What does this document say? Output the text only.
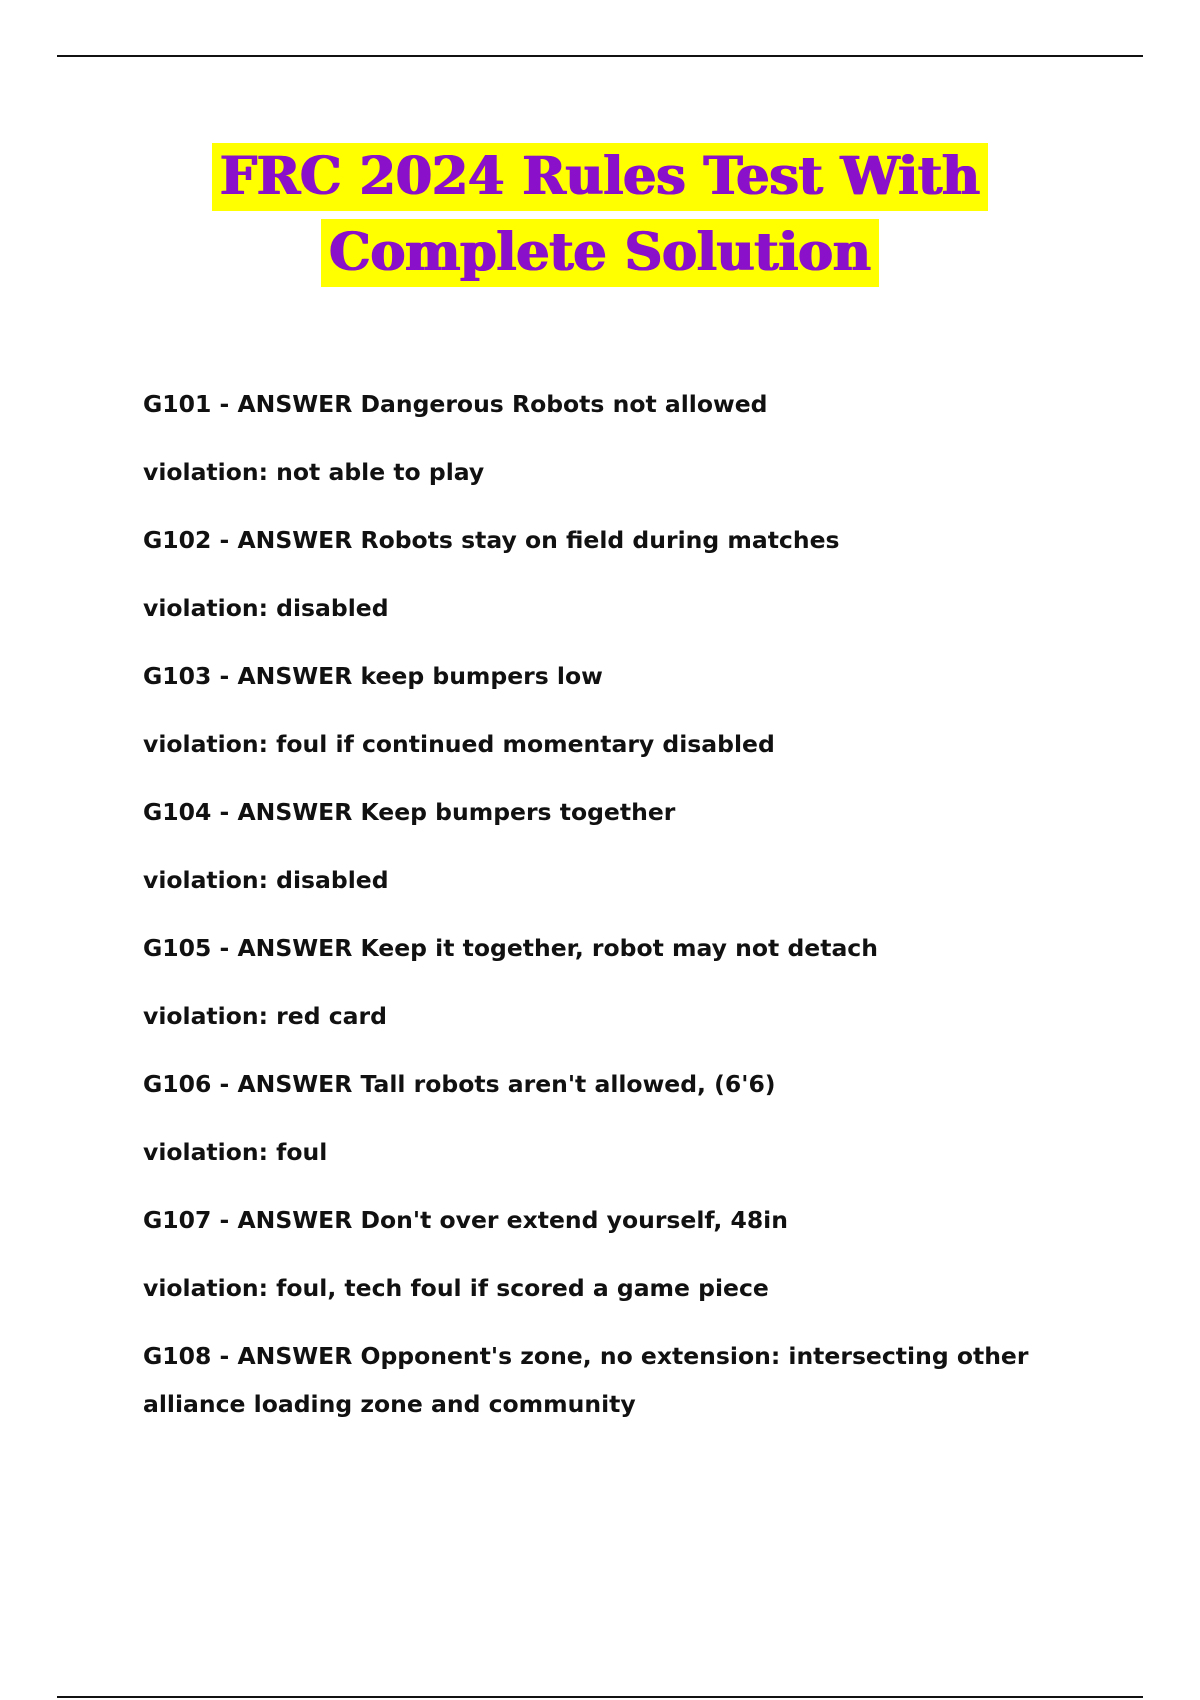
FRC 2024 Rules Test With
Complete Solution

G101 - ANSWER Dangerous Robots not allowed

violation: not able to play

G102 - ANSWER Robots stay on field during matches

violation: disabled

G103 - ANSWER keep bumpers low

violation: foul if continued momentary disabled

G104 - ANSWER Keep bumpers together

violation: disabled

G105 - ANSWER Keep it together, robot may not detach

violation: red card

G106 - ANSWER Tall robots aren't allowed, (6'6)

violation: foul

G107 - ANSWER Don't over extend yourself, 48in

violation: foul, tech foul if scored a game piece

G108 - ANSWER Opponent's zone, no extension: intersecting other alliance loading zone and community
